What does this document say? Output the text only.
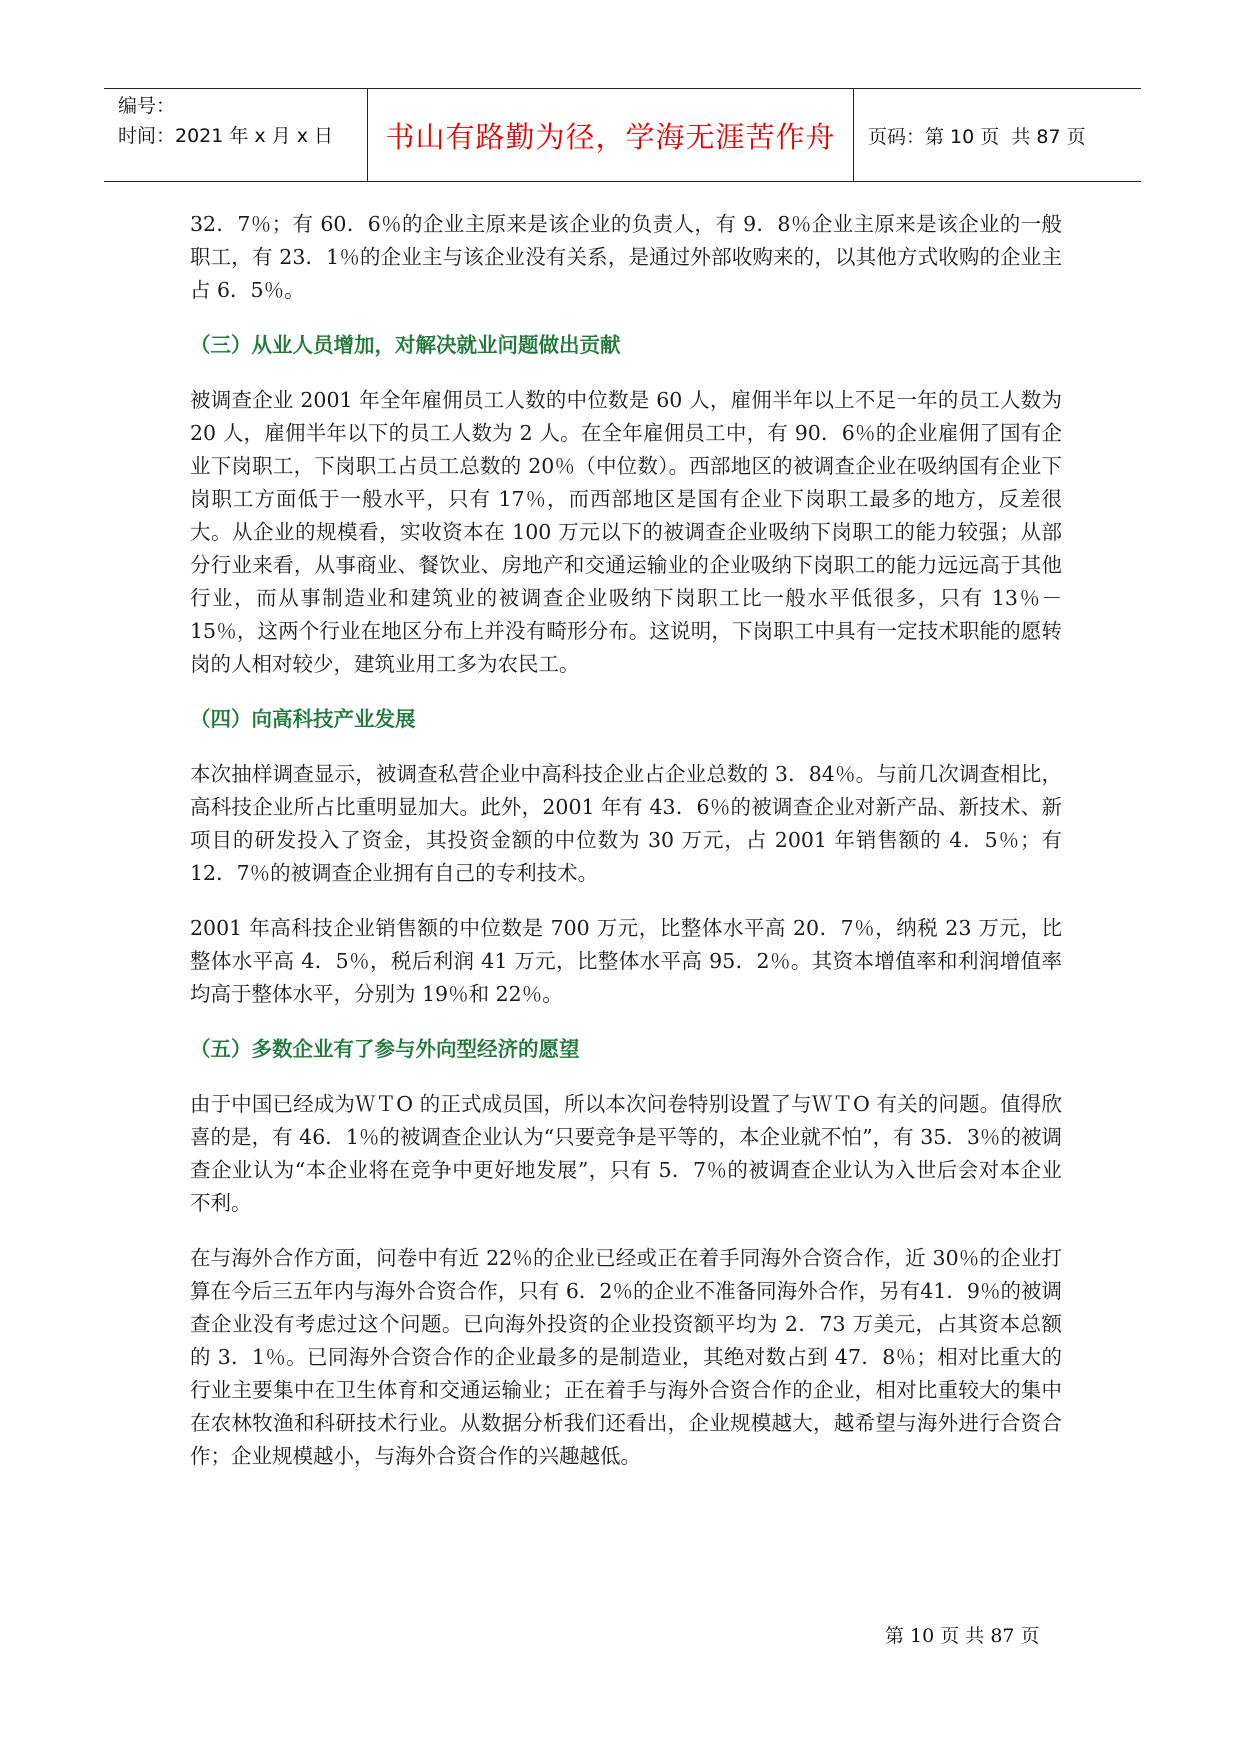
编号：
时间：2021 年 x 月 x 日	书山有路勤为径，学海无涯苦作舟	页码：第 10 页  共 87 页

32．7％；有 60．6％的企业主原来是该企业的负责人，有 9．8％企业主原来是该企业的一般职工，有 23．1％的企业主与该企业没有关系，是通过外部收购来的，以其他方式收购的企业主占 6．5％。

（三）从业人员增加，对解决就业问题做出贡献

被调查企业 2001 年全年雇佣员工人数的中位数是 60 人，雇佣半年以上不足一年的员工人数为 20 人，雇佣半年以下的员工人数为 2 人。在全年雇佣员工中，有 90．6％的企业雇佣了国有企业下岗职工，下岗职工占员工总数的 20％（中位数）。西部地区的被调查企业在吸纳国有企业下岗职工方面低于一般水平，只有 17％，而西部地区是国有企业下岗职工最多的地方，反差很大。从企业的规模看，实收资本在 100 万元以下的被调查企业吸纳下岗职工的能力较强；从部分行业来看，从事商业、餐饮业、房地产和交通运输业的企业吸纳下岗职工的能力远远高于其他行业，而从事制造业和建筑业的被调查企业吸纳下岗职工比一般水平低很多，只有 13％－15％，这两个行业在地区分布上并没有畸形分布。这说明，下岗职工中具有一定技术职能的愿转岗的人相对较少，建筑业用工多为农民工。

（四）向高科技产业发展

本次抽样调查显示，被调查私营企业中高科技企业占企业总数的 3．84％。与前几次调查相比，高科技企业所占比重明显加大。此外，2001 年有 43．6％的被调查企业对新产品、新技术、新项目的研发投入了资金，其投资金额的中位数为 30 万元，占 2001 年销售额的 4．5％；有 12．7％的被调查企业拥有自己的专利技术。

2001 年高科技企业销售额的中位数是 700 万元，比整体水平高 20．7％，纳税 23 万元，比整体水平高 4．5％，税后利润 41 万元，比整体水平高 95．2％。其资本增值率和利润增值率均高于整体水平，分别为 19％和 22％。

（五）多数企业有了参与外向型经济的愿望

由于中国已经成为ＷＴO 的正式成员国，所以本次问卷特别设置了与ＷＴO 有关的问题。值得欣喜的是，有 46．1％的被调查企业认为“只要竞争是平等的，本企业就不怕”，有 35．3％的被调查企业认为“本企业将在竞争中更好地发展”，只有 5．7％的被调查企业认为入世后会对本企业不利。

在与海外合作方面，问卷中有近 22％的企业已经或正在着手同海外合资合作，近 30％的企业打算在今后三五年内与海外合资合作，只有 6．2％的企业不准备同海外合作，另有41．9％的被调查企业没有考虑过这个问题。已向海外投资的企业投资额平均为 2．73 万美元，占其资本总额的 3．1％。已同海外合资合作的企业最多的是制造业，其绝对数占到 47．8％；相对比重大的行业主要集中在卫生体育和交通运输业；正在着手与海外合资合作的企业，相对比重较大的集中在农林牧渔和科研技术行业。从数据分析我们还看出，企业规模越大，越希望与海外进行合资合作；企业规模越小，与海外合资合作的兴趣越低。

第 10 页 共 87 页
